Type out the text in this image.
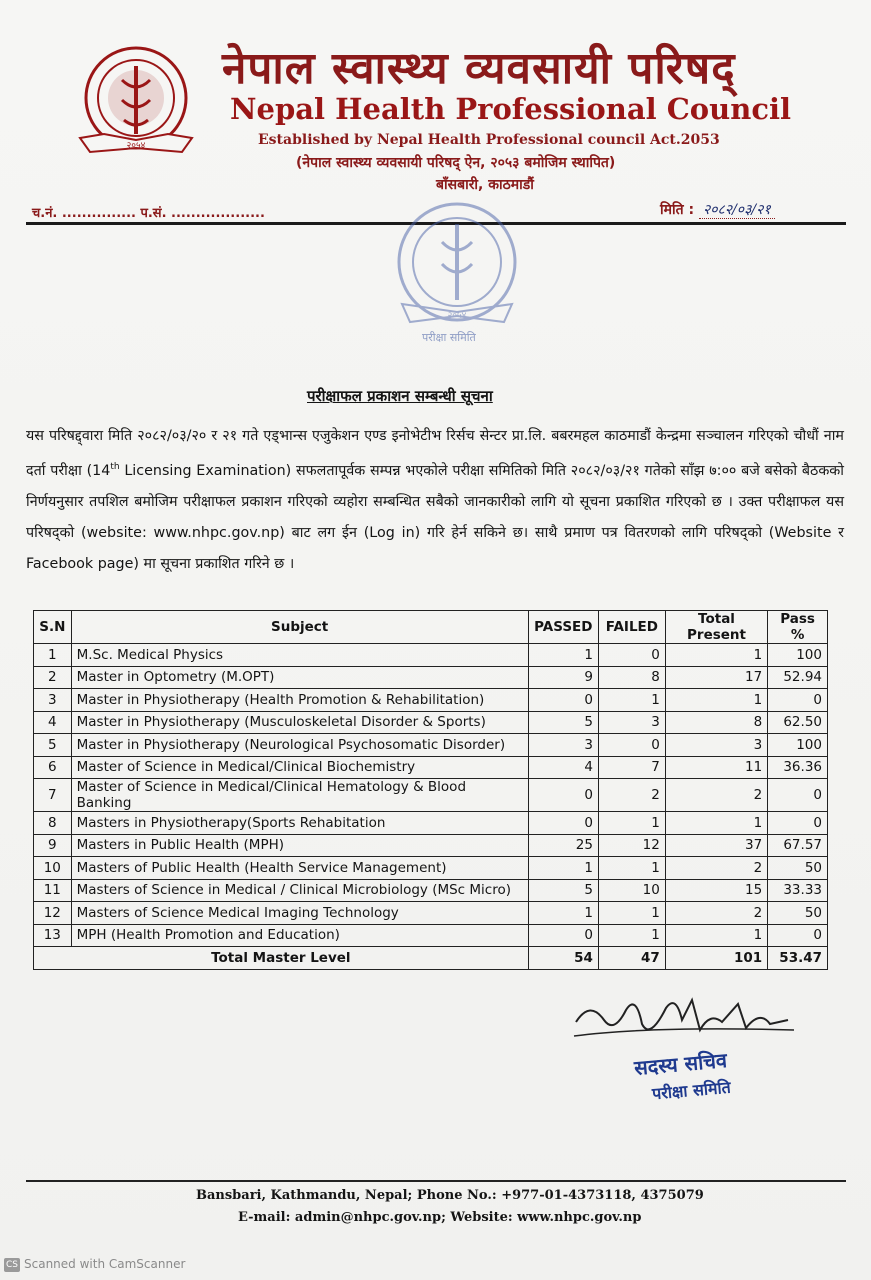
२०५४
नेपाल स्वास्थ्य व्यवसायी परिषद्
Nepal Health Professional Council
Established by Nepal Health Professional council Act.2053
(नेपाल स्वास्थ्य व्यवसायी परिषद् ऐन, २०५३ बमोजिम स्थापित)
बाँसबारी, काठमाडौं
च.नं. ............... प.सं. ...................	मिति : २०८२/०३/२१
२०५४
परीक्षा समिति
परीक्षाफल प्रकाशन सम्बन्धी सूचना
यस परिषद्द्वारा मिति २०८२/०३/२० र २१ गते एड्भान्स एजुकेशन एण्ड इनोभेटीभ रिर्सच सेन्टर प्रा.लि. बबरमहल काठमाडौं केन्द्रमा सञ्चालन गरिएको चौधौं नाम दर्ता परीक्षा (14th Licensing Examination) सफलतापूर्वक सम्पन्न भएकोले परीक्षा समितिको मिति २०८२/०३/२१ गतेको साँझ ७:०० बजे बसेको बैठकको निर्णयनुसार तपशिल बमोजिम परीक्षाफल प्रकाशन गरिएको व्यहोरा सम्बन्धित सबैको जानकारीको लागि यो सूचना प्रकाशित गरिएको छ । उक्त परीक्षाफल यस परिषद्को (website: www.nhpc.gov.np) बाट लग ईन (Log in) गरि हेर्न सकिने छ। साथै प्रमाण पत्र वितरणको लागि परिषद्को (Website र Facebook page) मा सूचना प्रकाशित गरिने छ ।
S.N	Subject	PASSED	FAILED	Total Present	Pass %
1	M.Sc. Medical Physics	1	0	1	100
2	Master in Optometry (M.OPT)	9	8	17	52.94
3	Master in Physiotherapy (Health Promotion & Rehabilitation)	0	1	1	0
4	Master in Physiotherapy (Musculoskeletal Disorder & Sports)	5	3	8	62.50
5	Master in Physiotherapy (Neurological Psychosomatic Disorder)	3	0	3	100
6	Master of Science in Medical/Clinical Biochemistry	4	7	11	36.36
7	Master of Science in Medical/Clinical Hematology & Blood Banking	0	2	2	0
8	Masters in Physiotherapy(Sports Rehabitation	0	1	1	0
9	Masters in Public Health (MPH)	25	12	37	67.57
10	Masters of Public Health (Health Service Management)	1	1	2	50
11	Masters of Science in Medical / Clinical Microbiology (MSc Micro)	5	10	15	33.33
12	Masters of Science Medical Imaging Technology	1	1	2	50
13	MPH (Health Promotion and Education)	0	1	1	0
Total Master Level		54	47	101	53.47
सदस्य सचिव
परीक्षा समिति
Bansbari, Kathmandu, Nepal; Phone No.: +977-01-4373118, 4375079
E-mail: admin@nhpc.gov.np; Website: www.nhpc.gov.np
CS Scanned with CamScanner
